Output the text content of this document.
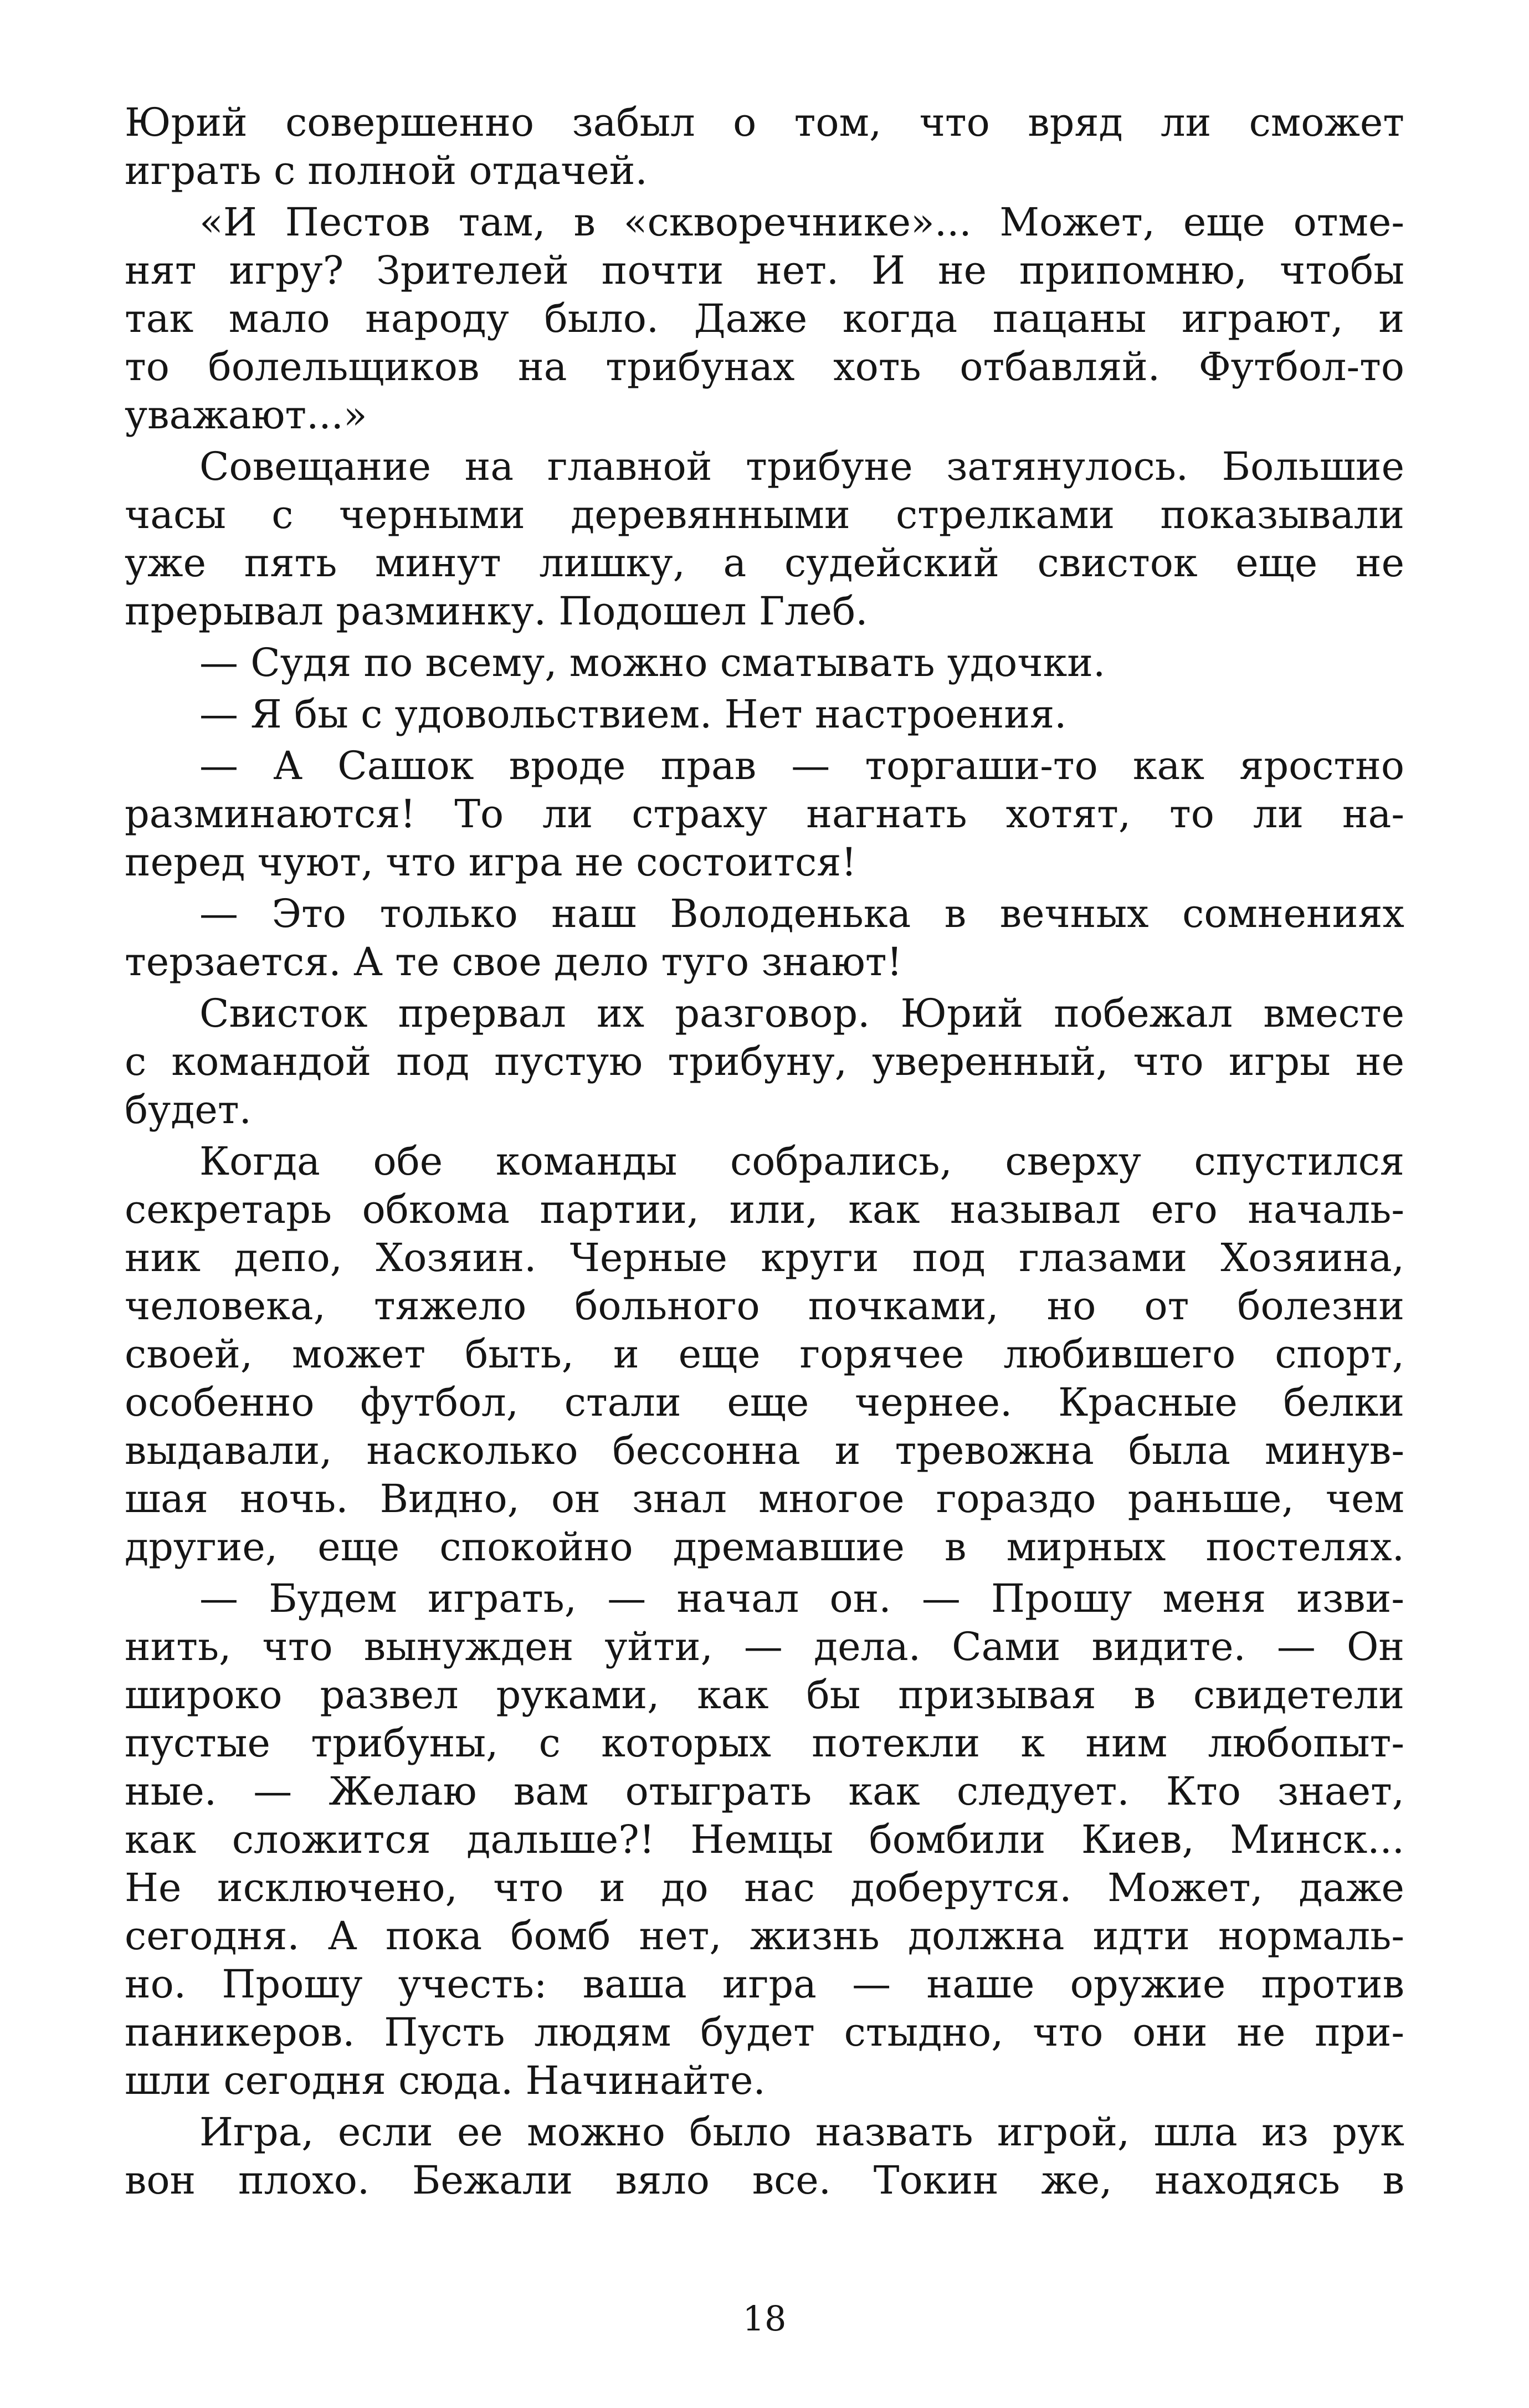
Юрий совершенно забыл о том, что вряд ли сможет
играть с полной отдачей.
«И Пестов там, в «скворечнике»... Может, еще отме-
нят игру? Зрителей почти нет. И не припомню, чтобы
так мало народу было. Даже когда пацаны играют, и
то болельщиков на трибунах хоть отбавляй. Футбол-то
уважают...»
Совещание на главной трибуне затянулось. Большие
часы с черными деревянными стрелками показывали
уже пять минут лишку, а судейский свисток еще не
прерывал разминку. Подошел Глеб.
— Судя по всему, можно сматывать удочки.
— Я бы с удовольствием. Нет настроения.
— А Сашок вроде прав — торгаши-то как яростно
разминаются! То ли страху нагнать хотят, то ли на-
перед чуют, что игра не состоится!
— Это только наш Володенька в вечных сомнениях
терзается. А те свое дело туго знают!
Свисток прервал их разговор. Юрий побежал вместе
с командой под пустую трибуну, уверенный, что игры не
будет.
Когда обе команды собрались, сверху спустился
секретарь обкома партии, или, как называл его началь-
ник депо, Хозяин. Черные круги под глазами Хозяина,
человека, тяжело больного почками, но от болезни
своей, может быть, и еще горячее любившего спорт,
особенно футбол, стали еще чернее. Красные белки
выдавали, насколько бессонна и тревожна была минув-
шая ночь. Видно, он знал многое гораздо раньше, чем
другие, еще спокойно дремавшие в мирных постелях.
— Будем играть, — начал он. — Прошу меня изви-
нить, что вынужден уйти, — дела. Сами видите. — Он
широко развел руками, как бы призывая в свидетели
пустые трибуны, с которых потекли к ним любопыт-
ные. — Желаю вам отыграть как следует. Кто знает,
как сложится дальше?! Немцы бомбили Киев, Минск...
Не исключено, что и до нас доберутся. Может, даже
сегодня. А пока бомб нет, жизнь должна идти нормаль-
но. Прошу учесть: ваша игра — наше оружие против
паникеров. Пусть людям будет стыдно, что они не при-
шли сегодня сюда. Начинайте.
Игра, если ее можно было назвать игрой, шла из рук
вон плохо. Бежали вяло все. Токин же, находясь в
18
